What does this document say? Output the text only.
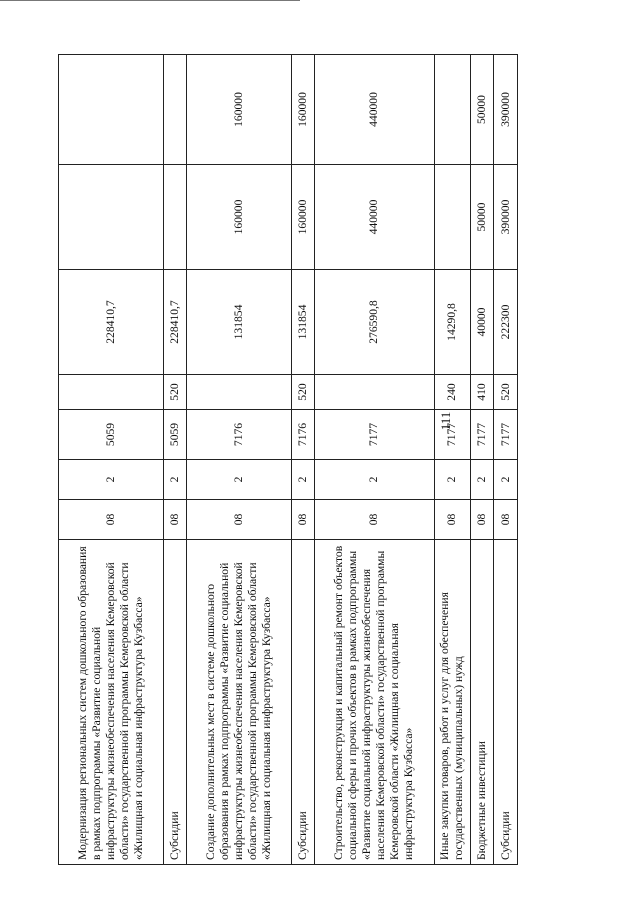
111
Модернизация региональных систем дошкольного образования в рамках подпрограммы «Развитие социальной инфраструктуры жизнеобеспечения населения Кемеровской области» государственной программы Кемеровской области «Жилищная и социальная инфраструктура Кузбасса»	08	2	5059		228410,7		
Субсидии	08	2	5059	520	228410,7		
Создание дополнительных мест в системе дошкольного образования в рамках подпрограммы «Развитие социальной инфраструктуры жизнеобеспечения населения Кемеровской области» государственной программы Кемеровской области «Жилищная и социальная инфраструктура Кузбасса»	08	2	7176		131854	160000	160000
Субсидии	08	2	7176	520	131854	160000	160000
Строительство, реконструкция и капитальный ремонт объектов социальной сферы и прочих объектов в рамках подпрограммы «Развитие социальной инфраструктуры жизнеобеспечения населения Кемеровской области» государственной программы Кемеровской области «Жилищная и социальная инфраструктура Кузбасса»	08	2	7177		276590,8	440000	440000
Иные закупки товаров, работ и услуг для обеспечения государственных (муниципальных) нужд	08	2	7177	240	14290,8		
Бюджетные инвестиции	08	2	7177	410	40000	50000	50000
Субсидии	08	2	7177	520	222300	390000	390000
